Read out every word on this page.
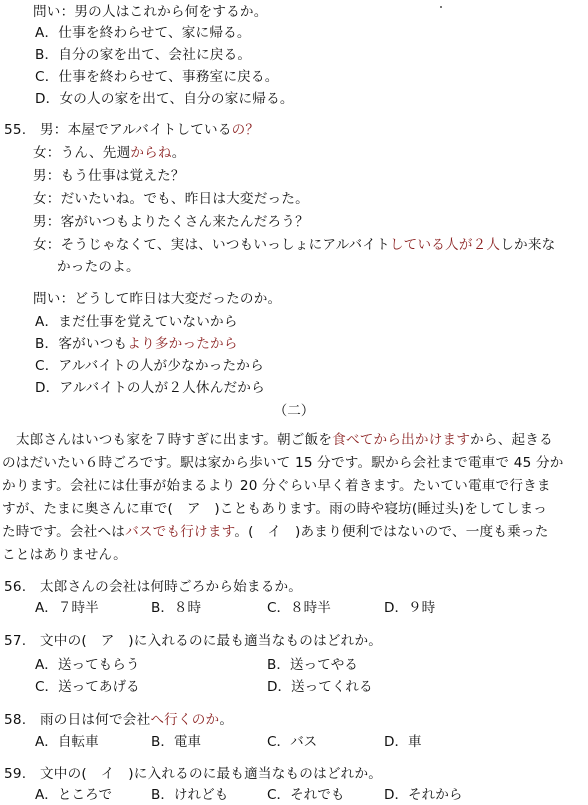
問い：男の人はこれから何をするか。
A．仕事を終わらせて、家に帰る。
B．自分の家を出て、会社に戻る。
C．仕事を終わらせて、事務室に戻る。
D．女の人の家を出て、自分の家に帰る。
55.　男：本屋でアルバイトしているの？
女：うん、先週からね。
男：もう仕事は覚えた？
女：だいたいね。でも、昨日は大変だった。
男：客がいつもよりたくさん来たんだろう？
女：そうじゃなくて、実は、いつもいっしょにアルバイトしている人が２人しか来な
かったのよ。
問い：どうして昨日は大変だったのか。
A．まだ仕事を覚えていないから
B．客がいつもより多かったから
C．アルバイトの人が少なかったから
D．アルバイトの人が２人休んだから
（二）
太郎さんはいつも家を７時すぎに出ます。朝ご飯を食べてから出かけますから、起きる
のはだいたい６時ごろです。駅は家から歩いて 15 分です。駅から会社まで電車で 45 分か
かります。会社には仕事が始まるより 20 分ぐらい早く着きます。たいてい電車で行きま
すが、たまに奥さんに車で(　ア　)こともあります。雨の時や寝坊(睡过头)をしてしまっ
た時です。会社へはバスでも行けます。(　イ　)あまり便利ではないので、一度も乗った
ことはありません。
56.　太郎さんの会社は何時ごろから始まるか。
A．７時半	B．８時	C．８時半	D．９時
57.　文中の(　ア　)に入れるのに最も適当なものはどれか。
A．送ってもらう	B．送ってやる
C．送ってあげる	D．送ってくれる
58.　雨の日は何で会社へ行くのか。
A．自転車	B．電車	C．バス	D．車
59.　文中の(　イ　)に入れるのに最も適当なものはどれか。
A．ところで	B．けれども	C．それでも	D．それから
